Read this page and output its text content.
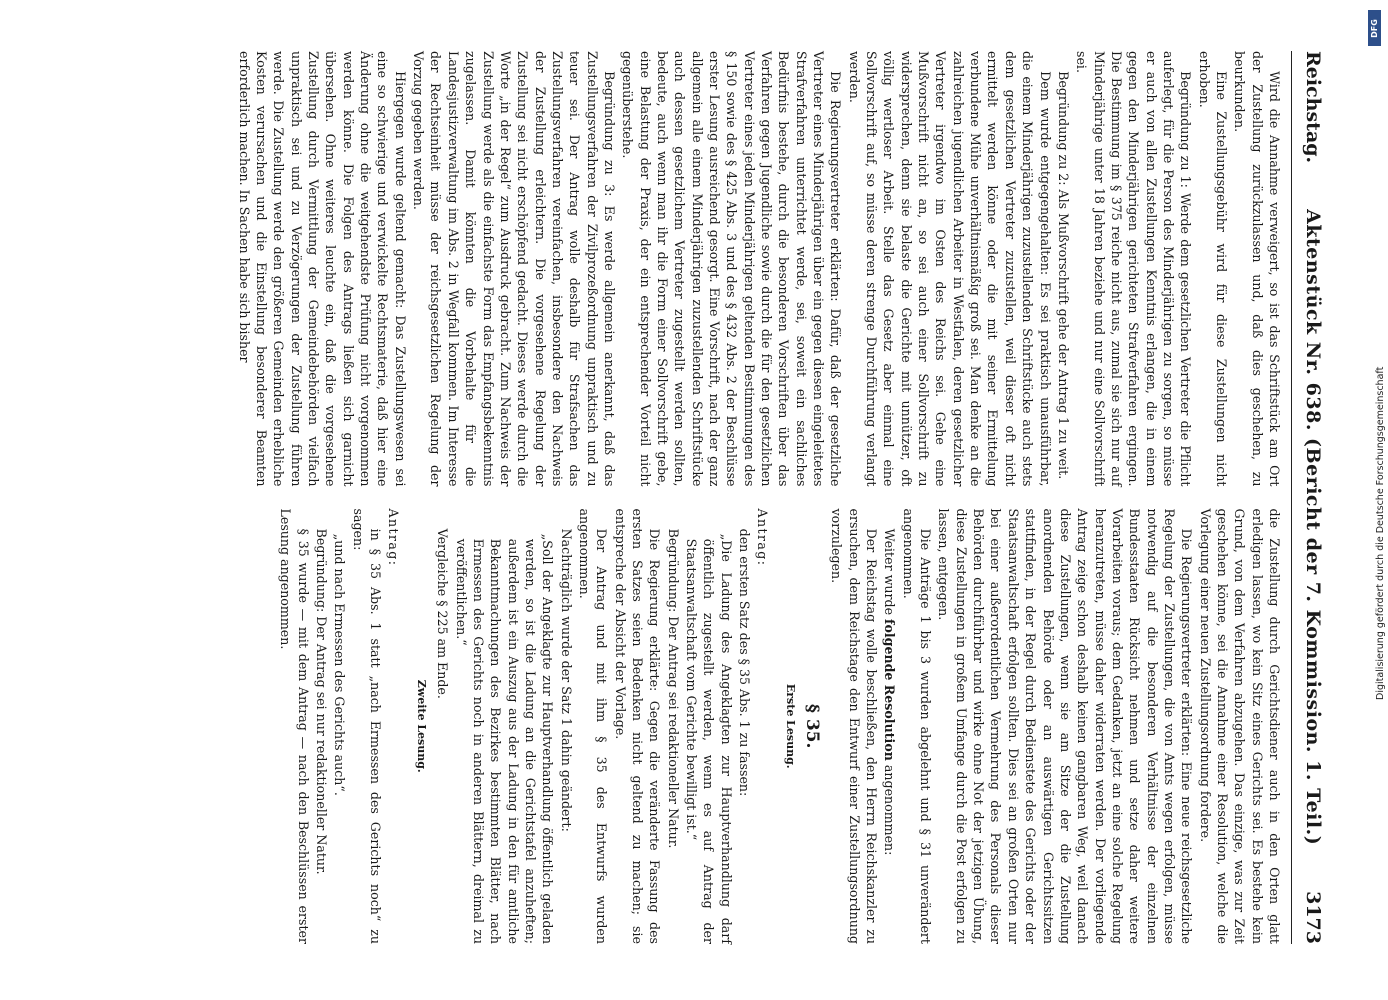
Reichstag.
Aktenstück Nr. 638. (Bericht der 7. Kommission. 1. Teil.)
3173

Wird die Annahme verweigert, so ist das Schriftstück am Ort der Zustellung zurückzulassen und, daß dies geschehen, zu beurkunden.

Eine Zustellungsgebühr wird für diese Zustellungen nicht erhoben.

Begründung zu 1: Werde dem gesetzlichen Vertreter die Pflicht auferlegt, für die Person des Minderjährigen zu sorgen, so müsse er auch von allen Zustellungen Kenntnis erlangen, die in einem gegen den Minderjährigen gerichteten Strafverfahren ergingen. Die Bestimmung im § 375 reiche nicht aus, zumal sie sich nur auf Minderjährige unter 18 Jahren beziehe und nur eine Sollvorschrift sei.

Begründung zu 2: Als Mußvorschrift gehe der Antrag 1 zu weit.

Dem wurde entgegengehalten: Es sei praktisch unausführbar, die einem Minderjährigen zuzustellenden Schriftstücke auch stets dem gesetzlichen Vertreter zuzustellen, weil dieser oft nicht ermittelt werden könne oder die mit seiner Ermittelung verbundene Mühe unverhältnismäßig groß sei. Man denke an die zahlreichen jugendlichen Arbeiter in Westfalen, deren gesetzlicher Vertreter irgendwo im Osten des Reichs sei. Gehe eine Mußvorschrift nicht an, so sei auch einer Sollvorschrift zu widersprechen, denn sie belaste die Gerichte mit unnützer, oft völlig wertloser Arbeit. Stelle das Gesetz aber einmal eine Sollvorschrift auf, so müsse deren strenge Durchführung verlangt werden.

Die Regierungsvertreter erklärten: Dafür, daß der gesetzliche Vertreter eines Minderjährigen über ein gegen diesen eingeleitetes Strafverfahren unterrichtet werde, sei, soweit ein sachliches Bedürfnis bestehe, durch die besonderen Vorschriften über das Verfahren gegen Jugendliche sowie durch die für den gesetzlichen Vertreter eines jeden Minderjährigen geltenden Bestimmungen des § 150 sowie des § 425 Abs. 3 und des § 432 Abs. 2 der Beschlüsse erster Lesung ausreichend gesorgt. Eine Vorschrift, nach der ganz allgemein alle einem Minderjährigen zuzustellenden Schriftstücke auch dessen gesetzlichem Vertreter zugestellt werden sollten, bedeute, auch wenn man ihr die Form einer Sollvorschrift gebe, eine Belastung der Praxis, der ein entsprechender Vorteil nicht gegenüberstehe.

Begründung zu 3: Es werde allgemein anerkannt, daß das Zustellungsverfahren der Zivilprozeßordnung unpraktisch und zu teuer sei. Der Antrag wolle deshalb für Strafsachen das Zustellungsverfahren vereinfachen, insbesondere den Nachweis der Zustellung erleichtern. Die vorgesehene Regelung der Zustellung sei nicht erschöpfend gedacht. Dieses werde durch die Worte „in der Regel“ zum Ausdruck gebracht. Zum Nachweis der Zustellung werde als die einfachste Form das Empfangsbekenntnis zugelassen. Damit könnten die Vorbehalte für die Landesjustizverwaltung im Abs. 2 in Wegfall kommen. Im Interesse der Rechtseinheit müsse der reichsgesetzlichen Regelung der Vorzug gegeben werden.

Hiergegen wurde geltend gemacht: Das Zustellungswesen sei eine so schwierige und verwickelte Rechtsmaterie, daß hier eine Änderung ohne die weitgehendste Prüfung nicht vorgenommen werden könne. Die Folgen des Antrags ließen sich garnicht übersehen. Ohne weiteres leuchte ein, daß die vorgesehene Zustellung durch Vermittlung der Gemeindebehörden vielfach unpraktisch sei und zu Verzögerungen der Zustellung führen werde. Die Zustellung werde den größeren Gemeinden erhebliche Kosten verursachen und die Einstellung besonderer Beamten erforderlich machen. In Sachen habe sich bisher

die Zustellung durch Gerichtsdiener auch in den Orten glatt erledigen lassen, wo kein Sitz eines Gerichts sei. Es bestehe kein Grund, von dem Verfahren abzugehen. Das einzige, was zur Zeit geschehen könne, sei die Annahme einer Resolution, welche die Vorlegung einer neuen Zustellungsordnung fordere.

Die Regierungsvertreter erklärten: Eine neue reichsgesetzliche Regelung der Zustellungen, die von Amts wegen erfolgen, müsse notwendig auf die besonderen Verhältnisse der einzelnen Bundesstaaten Rücksicht nehmen und setze daher weitere Vorarbeiten voraus; dem Gedanken, jetzt an eine solche Regelung heranzutreten, müsse daher widerraten werden. Der vorliegende Antrag zeige schon deshalb keinen gangbaren Weg, weil danach diese Zustellungen, wenn sie am Sitze der die Zustellung anordnenden Behörde oder an auswärtigen Gerichtssitzen stattfinden, in der Regel durch Bedienstete des Gerichts oder der Staatsanwaltschaft erfolgen sollten. Dies sei an großen Orten nur bei einer außerordentlichen Vermehrung des Personals dieser Behörden durchführbar und wirke ohne Not der jetzigen Übung, diese Zustellungen in großem Umfange durch die Post erfolgen zu lassen, entgegen.

Die Anträge 1 bis 3 wurden abgelehnt und § 31 unverändert angenommen.

Weiter wurde folgende Resolution angenommen:

Der Reichstag wolle beschließen, den Herrn Reichskanzler zu ersuchen, dem Reichstage den Entwurf einer Zustellungsordnung vorzulegen.

§ 35.
Erste Lesung.

Antrag:

den ersten Satz des § 35 Abs. 1 zu fassen:

„Die Ladung des Angeklagten zur Hauptverhandlung darf öffentlich zugestellt werden, wenn es auf Antrag der Staatsanwaltschaft vom Gerichte bewilligt ist.“

Begründung: Der Antrag sei redaktioneller Natur.

Die Regierung erklärte: Gegen die veränderte Fassung des ersten Satzes seien Bedenken nicht geltend zu machen; sie entspreche der Absicht der Vorlage.

Der Antrag und mit ihm § 35 des Entwurfs wurden angenommen.

Nachträglich wurde der Satz 1 dahin geändert:

„Soll der Angeklagte zur Hauptverhandlung öffentlich geladen werden, so ist die Ladung an die Gerichtstafel anzuheften; außerdem ist ein Auszug aus der Ladung in den für amtliche Bekanntmachungen des Bezirkes bestimmten Blätter, nach Ermessen des Gerichts noch in anderen Blättern, dreimal zu veröffentlichen.“

Vergleiche § 225 am Ende.

Zweite Lesung.

Antrag:

in § 35 Abs. 1 statt „nach Ermessen des Gerichts noch“ zu sagen:

„und nach Ermessen des Gerichts auch“.

Begründung: Der Antrag sei nur redaktioneller Natur.

§ 35 wurde — mit dem Antrag — nach den Beschlüssen erster Lesung angenommen.

DFG
Digitalisierung gefördert durch die Deutsche Forschungsgemeinschaft
